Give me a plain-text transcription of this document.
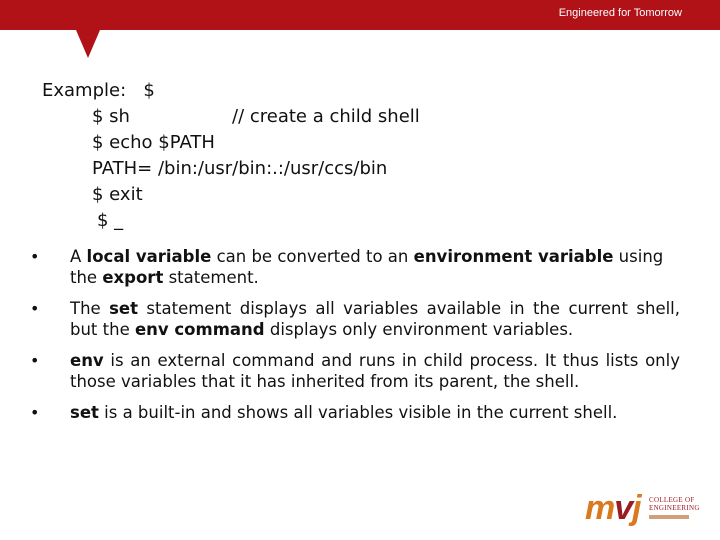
Engineered for Tomorrow
Example: $
$ sh	// create a child shell
$ echo $PATH
PATH= /bin:/usr/bin:.:/usr/ccs/bin
$ exit
$ _
• A local variable can be converted to an environment variable using the export statement.
• The set statement displays all variables available in the current shell, but the env command displays only environment variables.
• env is an external command and runs in child process. It thus lists only those variables that it has inherited from its parent, the shell.
• set is a built-in and shows all variables visible in the current shell.
mvj COLLEGE OF
ENGINEERING
